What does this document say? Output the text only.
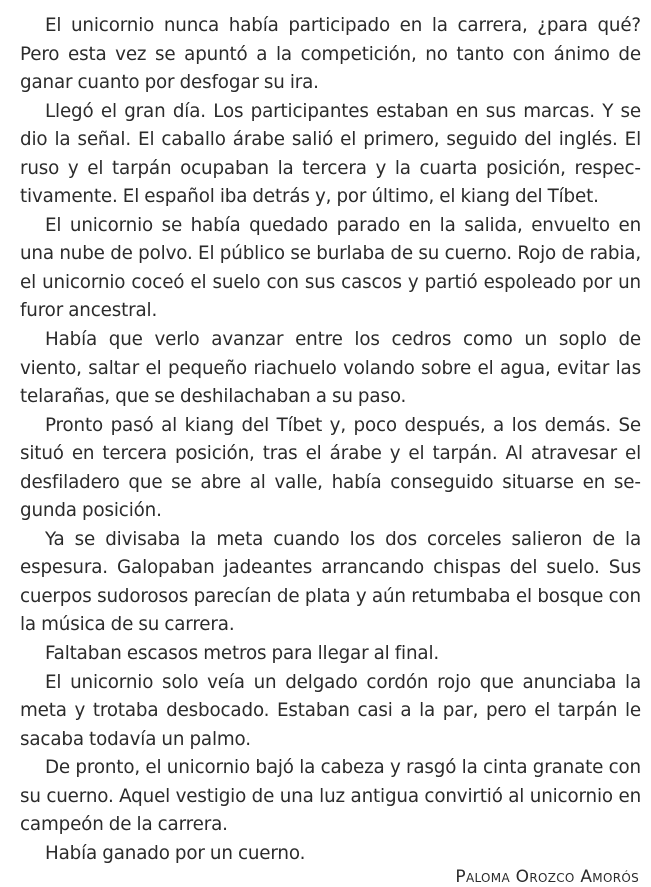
El unicornio nunca había participado en la carrera, ¿para qué? Pero esta vez se apuntó a la competición, no tanto con ánimo de ganar cuanto por desfogar su ira.

Llegó el gran día. Los participantes estaban en sus marcas. Y se dio la señal. El caballo árabe salió el primero, seguido del inglés. El ruso y el tarpán ocupaban la tercera y la cuarta posición, respectivamente. El español iba detrás y, por último, el kiang del Tíbet.

El unicornio se había quedado parado en la salida, envuelto en una nube de polvo. El público se burlaba de su cuerno. Rojo de rabia, el unicornio coceó el suelo con sus cascos y partió espoleado por un furor ancestral.

Había que verlo avanzar entre los cedros como un soplo de viento, saltar el pequeño riachuelo volando sobre el agua, evitar las telarañas, que se deshilachaban a su paso.

Pronto pasó al kiang del Tíbet y, poco después, a los demás. Se situó en tercera posición, tras el árabe y el tarpán. Al atravesar el desfiladero que se abre al valle, había conseguido situarse en segunda posición.

Ya se divisaba la meta cuando los dos corceles salieron de la espesura. Galopaban jadeantes arrancando chispas del suelo. Sus cuerpos sudorosos parecían de plata y aún retumbaba el bosque con la música de su carrera.

Faltaban escasos metros para llegar al final.

El unicornio solo veía un delgado cordón rojo que anunciaba la meta y trotaba desbocado. Estaban casi a la par, pero el tarpán le sacaba todavía un palmo.

De pronto, el unicornio bajó la cabeza y rasgó la cinta granate con su cuerno. Aquel vestigio de una luz antigua convirtió al unicornio en campeón de la carrera.

Había ganado por un cuerno.

Paloma Orozco Amorós
